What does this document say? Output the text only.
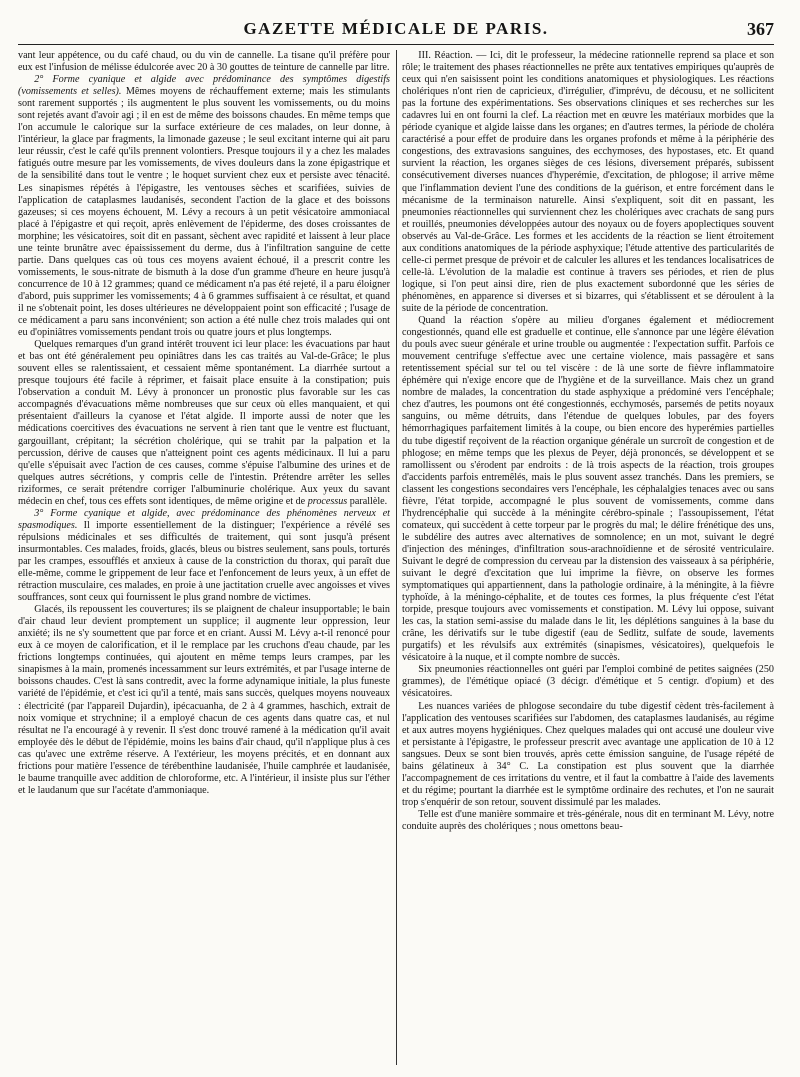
GAZETTE MÉDICALE DE PARIS.	367

vant leur appétence, ou du café chaud, ou du vin de cannelle. La tisane qu'il préfère pour eux est l'infusion de mélisse édulcorée avec 20 à 30 gouttes de teinture de cannelle par litre.

2° Forme cyanique et algide avec prédominance des symptômes digestifs (vomissements et selles). Mêmes moyens de réchauffement externe; mais les stimulants sont rarement supportés ; ils augmentent le plus souvent les vomissements, ou du moins sont rejetés avant d'avoir agi ; il en est de même des boissons chaudes. En même temps que l'on accumule le calorique sur la surface extérieure de ces malades, on leur donne, à l'intérieur, la glace par fragments, la limonade gazeuse ; le seul excitant interne qui ait paru leur réussir, c'est le café qu'ils prennent volontiers. Presque toujours il y a chez les malades fatigués outre mesure par les vomissements, de vives douleurs dans la zone épigastrique et de la sensibilité dans tout le ventre ; le hoquet survient chez eux et persiste avec ténacité. Les sinapismes répétés à l'épigastre, les ventouses sèches et scarifiées, suivies de l'application de cataplasmes laudanisés, secondent l'action de la glace et des boissons gazeuses; si ces moyens échouent, M. Lévy a recours à un petit vésicatoire ammoniacal placé à l'épigastre et qui reçoit, après enlèvement de l'épiderme, des doses croissantes de morphine; les vésicatoires, soit dit en passant, sèchent avec rapidité et laissent à leur place une teinte brunâtre avec épaississement du derme, dus à l'infiltration sanguine de cette partie. Dans quelques cas où tous ces moyens avaient échoué, il a prescrit contre les vomissements, le sous-nitrate de bismuth à la dose d'un gramme d'heure en heure jusqu'à concurrence de 10 à 12 grammes; quand ce médicament n'a pas été rejeté, il a paru éloigner d'abord, puis supprimer les vomissements; 4 à 6 grammes suffisaient à ce résultat, et quand il ne s'obtenait point, les doses ultérieures ne développaient point son efficacité ; l'usage de ce médicament a paru sans inconvénient; son action a été nulle chez trois malades qui ont eu d'opiniâtres vomissements pendant trois ou quatre jours et plus longtemps.

Quelques remarques d'un grand intérêt trouvent ici leur place: les évacuations par haut et bas ont été généralement peu opiniâtres dans les cas traités au Val-de-Grâce; le plus souvent elles se ralentissaient, et cessaient même spontanément. La diarrhée surtout a presque toujours été facile à réprimer, et faisait place ensuite à la constipation; puis l'observation a conduit M. Lévy à prononcer un pronostic plus favorable sur les cas accompagnés d'évacuations même nombreuses que sur ceux où elles manquaient, et qui présentaient d'ailleurs la cyanose et l'état algide. Il importe aussi de noter que les médications coercitives des évacuations ne servent à rien tant que le ventre est fluctuant, gargouillant, crépitant; la sécrétion cholérique, qui se trahit par la palpation et la percussion, dérive de causes que n'atteignent point ces agents médicinaux. Il lui a paru qu'elle s'épuisait avec l'action de ces causes, comme s'épuise l'albumine des urines et de quelques autres sécrétions, y compris celle de l'intestin. Prétendre arrêter les selles riziformes, ce serait prétendre corriger l'albuminurie cholérique. Aux yeux du savant médecin en chef, tous ces effets sont identiques, de même origine et de processus parallèle.

3° Forme cyanique et algide, avec prédominance des phénomènes nerveux et spasmodiques. Il importe essentiellement de la distinguer; l'expérience a révélé ses répulsions médicinales et ses difficultés de traitement, qui sont jusqu'à présent insurmontables. Ces malades, froids, glacés, bleus ou bistres seulement, sans pouls, torturés par les crampes, essoufflés et anxieux à cause de la constriction du thorax, qui paraît due elle-même, comme le grippement de leur face et l'enfoncement de leurs yeux, à un effet de rétraction musculaire, ces malades, en proie à une jactitation cruelle avec angoisses et vives souffrances, sont ceux qui fournissent le plus grand nombre de victimes.

Glacés, ils repoussent les couvertures; ils se plaignent de chaleur insupportable; le bain d'air chaud leur devient promptement un supplice; il augmente leur oppression, leur anxiété; ils ne s'y soumettent que par force et en criant. Aussi M. Lévy a-t-il renoncé pour eux à ce moyen de calorification, et il le remplace par les cruchons d'eau chaude, par les frictions longtemps continuées, qui ajoutent en même temps leurs crampes, par les sinapismes à la main, promenés incessamment sur leurs extrémités, et par l'usage interne de boissons chaudes. C'est là sans contredit, avec la forme adynamique initiale, la plus funeste variété de l'épidémie, et c'est ici qu'il a tenté, mais sans succès, quelques moyens nouveaux : électricité (par l'appareil Dujardin), ipécacuanha, de 2 à 4 grammes, haschich, extrait de noix vomique et strychnine; il a employé chacun de ces agents dans quatre cas, et nul résultat ne l'a encouragé à y revenir. Il s'est donc trouvé ramené à la médication qu'il avait employée dès le début de l'épidémie, moins les bains d'air chaud, qu'il n'applique plus à ces cas qu'avec une extrême réserve. A l'extérieur, les moyens précités, et en donnant aux frictions pour matière l'essence de térébenthine laudanisée, l'huile camphrée et laudanisée, le baume tranquille avec addition de chloroforme, etc. A l'intérieur, il insiste plus sur l'éther et le laudanum que sur l'acétate d'ammoniaque.

III. Réaction. — Ici, dit le professeur, la médecine rationnelle reprend sa place et son rôle; le traitement des phases réactionnelles ne prête aux tentatives empiriques qu'auprès de ceux qui n'en saisissent point les conditions anatomiques et physiologiques. Les réactions cholériques n'ont rien de capricieux, d'irrégulier, d'imprévu, de décousu, et ne sollicitent pas la fortune des expérimentations. Ses observations cliniques et ses recherches sur les cadavres lui en ont fourni la clef. La réaction met en œuvre les matériaux morbides que la période cyanique et algide laisse dans les organes; en d'autres termes, la période de choléra caractérisé a pour effet de produire dans les organes profonds et même à la périphérie des congestions, des extravasions sanguines, des ecchymoses, des hypostases, etc. Et quand survient la réaction, les organes sièges de ces lésions, diversement préparés, subissent consécutivement diverses nuances d'hyperémie, d'excitation, de phlogose; il arrive même que l'inflammation devient l'une des conditions de la guérison, et entre forcément dans le mécanisme de la terminaison naturelle. Ainsi s'expliquent, soit dit en passant, les pneumonies réactionnelles qui surviennent chez les cholériques avec crachats de sang purs et rouillés, pneumonies développées autour des noyaux ou de foyers apoplectiques souvent observés au Val-de-Grâce. Les formes et les accidents de la réaction se lient étroitement aux conditions anatomiques de la période asphyxique; l'étude attentive des particularités de celle-ci permet presque de prévoir et de calculer les allures et les tendances localisatrices de celle-là. L'évolution de la maladie est continue à travers ses périodes, et rien de plus logique, si l'on peut ainsi dire, rien de plus exactement subordonné que les séries de phénomènes, en apparence si diverses et si bizarres, qui s'établissent et se déroulent à la suite de la période de concentration.

Quand la réaction s'opère au milieu d'organes également et médiocrement congestionnés, quand elle est graduelle et continue, elle s'annonce par une légère élévation du pouls avec sueur générale et urine trouble ou augmentée : l'expectation suffit. Parfois ce mouvement centrifuge s'effectue avec une certaine violence, mais passagère et sans retentissement spécial sur tel ou tel viscère : de là une sorte de fièvre inflammatoire éphémère qui n'exige encore que de l'hygiène et de la surveillance. Mais chez un grand nombre de malades, la concentration du stade asphyxique a prédominé vers l'encéphale; chez d'autres, les poumons ont été congestionnés, ecchymosés, parsemés de petits noyaux sanguins, ou même détruits, dans l'étendue de quelques lobules, par des foyers hémorrhagiques parfaitement limités à la coupe, ou bien encore des hyperémies partielles du tube digestif reçoivent de la réaction organique générale un surcroît de congestion et de phlogose; en même temps que les plexus de Peyer, déjà prononcés, se développent et se ramollissent ou s'érodent par endroits : de là trois aspects de la réaction, trois groupes d'accidents parfois entremêlés, mais le plus souvent assez tranchés. Dans les premiers, se classent les congestions secondaires vers l'encéphale, les céphalalgies tenaces avec ou sans fièvre, l'état torpide, accompagné le plus souvent de vomissements, comme dans l'hydrencéphalie qui succède à la méningite cérébro-spinale ; l'assoupissement, l'état comateux, qui succèdent à cette torpeur par le progrès du mal; le délire frénétique des uns, le subdélire des autres avec alternatives de somnolence; en un mot, suivant le degré d'injection des méninges, d'infiltration sous-arachnoïdienne et de sérosité ventriculaire. Suivant le degré de compression du cerveau par la distension des vaisseaux à sa périphérie, suivant le degré d'excitation que lui imprime la fièvre, on observe les formes symptomatiques qui appartiennent, dans la pathologie ordinaire, à la méningite, à la fièvre typhoïde, à la méningo-céphalite, et de toutes ces formes, la plus fréquente c'est l'état torpide, presque toujours avec vomissements et constipation. M. Lévy lui oppose, suivant les cas, la station semi-assise du malade dans le lit, les déplétions sanguines à la base du crâne, les dérivatifs sur le tube digestif (eau de Sedlitz, sulfate de soude, lavements purgatifs) et les révulsifs aux extrémités (sinapismes, vésicatoires), quelquefois le vésicatoire à la nuque, et il compte nombre de succès.

Six pneumonies réactionnelles ont guéri par l'emploi combiné de petites saignées (250 grammes), de l'émétique opiacé (3 décigr. d'émétique et 5 centigr. d'opium) et des vésicatoires.

Les nuances variées de phlogose secondaire du tube digestif cèdent très-facilement à l'application des ventouses scarifiées sur l'abdomen, des cataplasmes laudanisés, au régime et aux autres moyens hygiéniques. Chez quelques malades qui ont accusé une douleur vive et persistante à l'épigastre, le professeur prescrit avec avantage une application de 10 à 12 sangsues. Deux se sont bien trouvés, après cette émission sanguine, de l'usage répété de bains gélatineux à 34° C. La constipation est plus souvent que la diarrhée l'accompagnement de ces irritations du ventre, et il faut la combattre à l'aide des lavements et du régime; pourtant la diarrhée est le symptôme ordinaire des rechutes, et l'on ne saurait trop s'enquérir de son retour, souvent dissimulé par les malades.

Telle est d'une manière sommaire et très-générale, nous dit en terminant M. Lévy, notre conduite auprès des cholériques ; nous omettons beau-
